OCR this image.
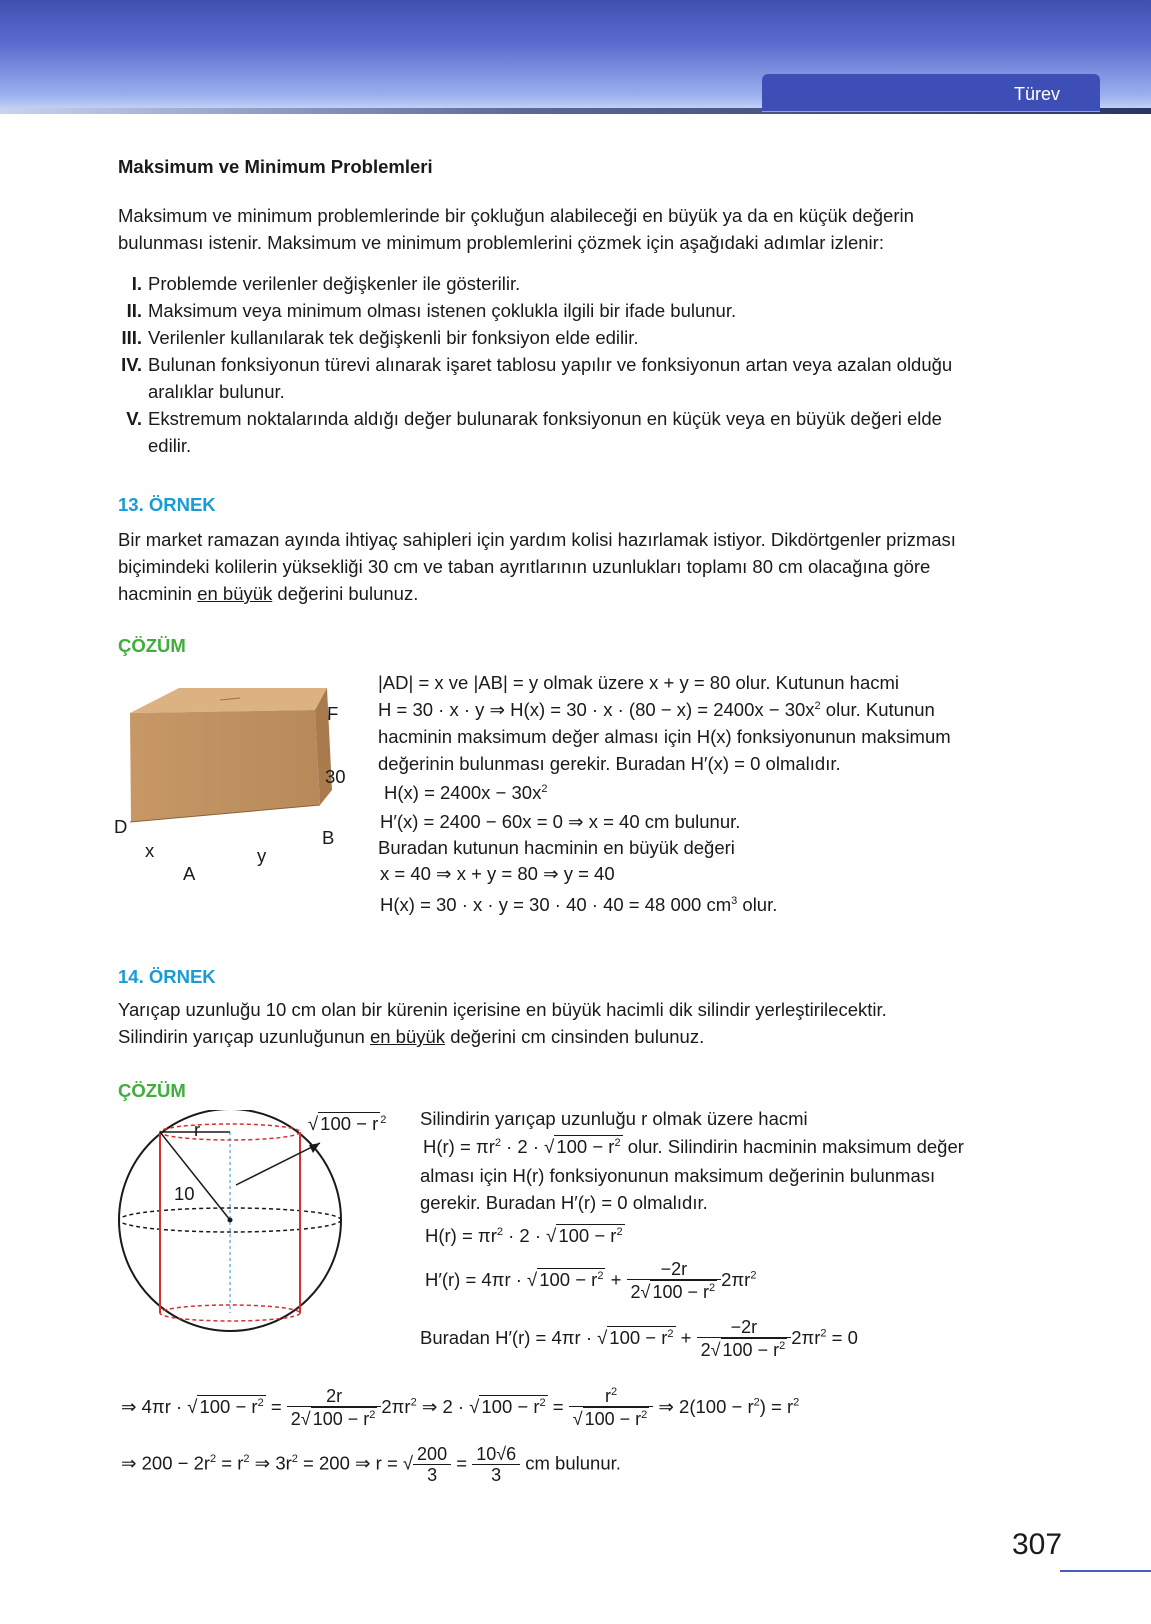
Türev
Maksimum ve Minimum Problemleri
Maksimum ve minimum problemlerinde bir çokluğun alabileceği en büyük ya da en küçük değerin
bulunması istenir. Maksimum ve minimum problemlerini çözmek için aşağıdaki adımlar izlenir:
I. Problemde verilenler değişkenler ile gösterilir.
II. Maksimum veya minimum olması istenen çoklukla ilgili bir ifade bulunur.
III. Verilenler kullanılarak tek değişkenli bir fonksiyon elde edilir.
IV. Bulunan fonksiyonun türevi alınarak işaret tablosu yapılır ve fonksiyonun artan veya azalan olduğu
aralıklar bulunur.
V. Ekstremum noktalarında aldığı değer bulunarak fonksiyonun en küçük veya en büyük değeri elde
edilir.
13. ÖRNEK
Bir market ramazan ayında ihtiyaç sahipleri için yardım kolisi hazırlamak istiyor. Dikdörtgenler prizması
biçimindeki kolilerin yüksekliği 30 cm ve taban ayrıtlarının uzunlukları toplamı 80 cm olacağına göre
hacminin en büyük değerini bulunuz.
ÇÖZÜM
F
30
D
B
x	y
A
|AD| = x ve |AB| = y olmak üzere x + y = 80 olur. Kutunun hacmi
H = 30 · x · y ⇒ $H(x) = 30 \cdot x \cdot (80 - x) = 2400x - 30x^2$ olur. Kutunun
hacminin maksimum değer alması için H(x) fonksiyonunun maksimum
değerinin bulunması gerekir. Buradan H′(x) = 0 olmalıdır.
$H(x) = 2400x - 30x^2$
H′(x) = 2400 − 60x = 0 ⇒ x = 40 cm bulunur.
Buradan kutunun hacminin en büyük değeri
x = 40 ⇒ x + y = 80 ⇒ y = 40
H(x) = 30 · x · y = 30 · 40 · 40 = 48 000 $cm^3$ olur.
14. ÖRNEK
Yarıçap uzunluğu 10 cm olan bir kürenin içerisine en büyük hacimli dik silindir yerleştirilecektir.
Silindirin yarıçap uzunluğunun en büyük değerini cm cinsinden bulunuz.
ÇÖZÜM
r
10
√ 100 − r $^2$ Silindirin yarıçap uzunluğu r olmak üzere hacmi
$H(r) = \pi r^2 \cdot 2$ · √ $100 - r^2$ olur. Silindirin hacminin maksimum değer
alması için H(r) fonksiyonunun maksimum değerinin bulunması
gerekir. Buradan H′(r) = 0 olmalıdır.
$H(r) = \pi r^2 \cdot 2$ · √ $100 - r^2$
H′(r) = 4πr · √ $100 - r^2 + \frac{-2r}{2√ 100 - r^2} 2\pi r^2$
Buradan H′(r) = 4πr · √ $100 - r^2 + \frac{-2r}{2√ 100 - r^2} 2\pi r^2 = 0$
⇒ 4πr · √ $100 - r^2 = \frac{2r}{2√ 100 - r^2} 2\pi r^2$ ⇒ 2 · √ $100 - r^2 = \frac{r^2}{√ 100 - r^2}$ ⇒ $2(100 - r^2) = r^2$
⇒ $200 - 2r^2 = r^2$ ⇒ $3r^2 = 200$ ⇒ r = √ $\frac{200}{3} = \frac{10√6}{3}$ cm bulunur.
307
